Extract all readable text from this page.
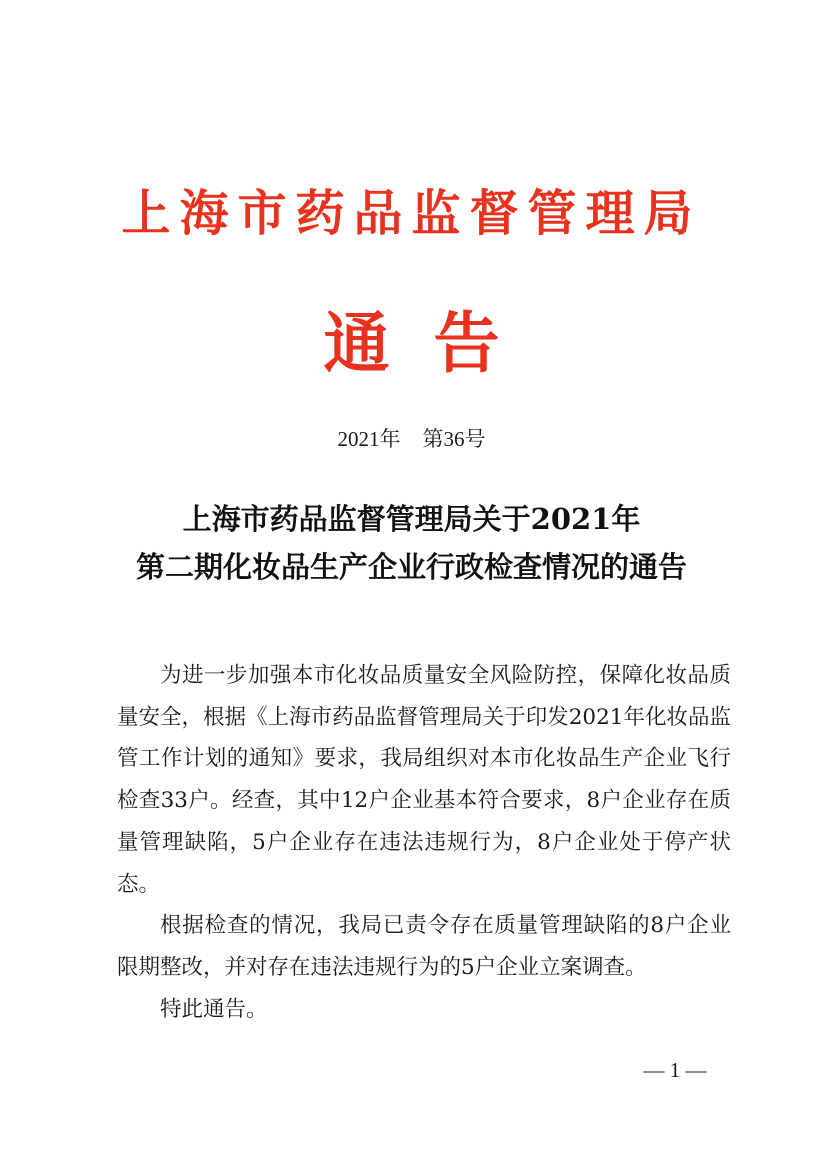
上海市药品监督管理局
通告
2021年 第36号
上海市药品监督管理局关于2021年
第二期化妆品生产企业行政检查情况的通告

为进一步加强本市化妆品质量安全风险防控，保障化妆品质量安全，根据《上海市药品监督管理局关于印发2021年化妆品监管工作计划的通知》要求，我局组织对本市化妆品生产企业飞行检查33户。经查，其中12户企业基本符合要求，8户企业存在质量管理缺陷，5户企业存在违法违规行为，8户企业处于停产状态。

根据检查的情况，我局已责令存在质量管理缺陷的8户企业限期整改，并对存在违法违规行为的5户企业立案调查。

特此通告。

— 1 —
